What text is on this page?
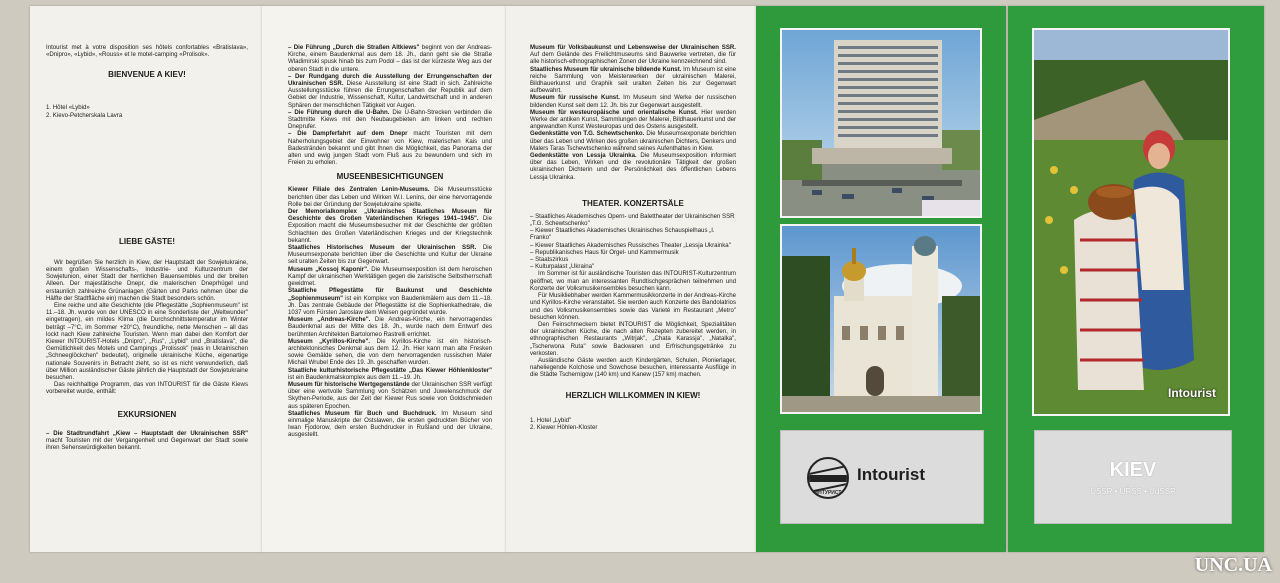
Intourist met à votre disposition ses hôtels confortables «Bratislava», «Dnipro», «Lybid», «Rouss» et le motel-camping «Prolisok».

BIENVENUE A KIEV!

1. Hôtel «Lybid»

2. Kievo-Petcherskala Lavra

LIEBE GÄSTE!

Wir begrüßen Sie herzlich in Kiew, der Hauptstadt der Sowjetukraine, einem großen Wissenschafts-, Industrie- und Kulturzentrum der Sowjetunion, einer Stadt der herrlichen Bauensembles und der breiten Alleen. Der majestätische Dnepr, die malerischen Dneprhügel und erstaunlich zahlreiche Grünanlagen (Gärten und Parks nehmen über die Hälfte der Stadtfläche ein) machen die Stadt besonders schön.

Eine reiche und alte Geschichte (die Pflegestätte „Sophienmuseum" ist 11.–18. Jh. wurde von der UNESCO in eine Sonderliste der „Weltwunder" eingetragen), ein mildes Klima (die Durchschnittstemperatur im Winter beträgt –7°C, im Sommer +20°C), freundliche, nette Menschen – all das lockt nach Kiew zahlreiche Touristen. Wenn man dabei den Komfort der Kiewer INTOURIST-Hotels „Dnipro", „Rus", „Lybid" und „Bratislava", die Gemütlichkeit des Motels und Campings „Prolissok" (was in Ukrainischen „Schneeglöckchen" bedeutet), originelle ukrainische Küche, eigenartige nationale Souvenirs in Betracht zieht, so ist es nicht verwunderlich, daß über Million ausländischer Gäste jährlich die Hauptstadt der Sowjetukraine besuchen.

Das reichhaltige Programm, das von INTOURIST für die Gäste Kiews vorbereitet wurde, enthält:

EXKURSIONEN

– Die Stadtrundfahrt „Kiew – Hauptstadt der Ukrainischen SSR" macht Touristen mit der Vergangenheit und Gegenwart der Stadt sowie ihren Sehenswürdigkeiten bekannt.

– Die Führung „Durch die Straßen Altkiews" beginnt von der Andreas-Kirche, einem Baudenkmal aus dem 18. Jh., dann geht sie die Straße Wladimirski spusk hinab bis zum Podol – das ist der kürzeste Weg aus der oberen Stadt in die untere.

– Der Rundgang durch die Ausstellung der Errungenschaften der Ukrainischen SSR. Diese Ausstellung ist eine Stadt in sich. Zahlreiche Ausstellungsstücke führen die Errungenschaften der Republik auf dem Gebiet der Industrie, Wissenschaft, Kultur, Landwirtschaft und in anderen Sphären der menschlichen Tätigkeit vor Augen.

– Die Führung durch die U-Bahn. Die U-Bahn-Strecken verbinden die Stadtmitte Kiews mit den Neubaugebieten am linken und rechten Dneprufer.

– Die Dampferfahrt auf dem Dnepr macht Touristen mit dem Naherholungsgebiet der Einwohner von Kiew, malerischen Kais und Badestränden bekannt und gibt Ihnen die Möglichkeit, das Panorama der alten und ewig jungen Stadt vom Fluß aus zu bewundern und sich im Freien zu erholen.

MUSEENBESICHTIGUNGEN

Kiewer Filiale des Zentralen Lenin-Museums. Die Museumsstücke berichten über das Leben und Wirken W.I. Lenins, der eine hervorragende Rolle bei der Gründung der Sowjetukraine spielte.

Der Memorialkomplex „Ukrainisches Staatliches Museum für Geschichte des Großen Vaterländischen Krieges 1941–1945". Die Exposition macht die Museumsbesucher mit der Geschichte der größten Schlachten des Großen Vaterländischen Krieges und der Kriegstechnik bekannt.

Staatliches Historisches Museum der Ukrainischen SSR. Die Museumsexponate berichten über die Geschichte und Kultur der Ukraine seit uralten Zeiten bis zur Gegenwart.

Museum „Kossoj Kaponir". Die Museumsexposition ist dem heroischen Kampf der ukrainischen Werktätigen gegen die zaristische Selbstherrschaft gewidmet.

Staatliche Pflegestätte für Baukunst und Geschichte „Sophienmuseum" ist ein Komplex von Baudenkmälern aus dem 11.–18. Jh. Das zentrale Gebäude der Pflegestätte ist die Sophienkathedrale, die 1037 vom Fürsten Jaroslaw dem Weisen gegründet wurde.

Museum „Andreas-Kirche". Die Andreas-Kirche, ein hervorragendes Baudenkmal aus der Mitte des 18. Jh., wurde nach dem Entwurf des berühmten Architekten Bartolomeo Rastrelli errichtet.

Museum „Kyrillos-Kirche". Die Kyrillos-Kirche ist ein historisch-architektonisches Denkmal aus dem 12. Jh. Hier kann man alte Fresken sowie Gemälde sehen, die von dem hervorragenden russischen Maler Michail Wrubel Ende des 19. Jh. geschaffen wurden.

Staatliche kulturhistorische Pflegestätte „Das Kiewer Höhlenkloster" ist ein Baudenkmalskomplex aus dem 11.–19. Jh.

Museum für historische Wertgegenstände der Ukrainischen SSR verfügt über eine wertvolle Sammlung von Schätzen und Juwelenschmuck der Skythen-Periode, aus der Zeit der Kiewer Rus sowie von Goldschmieden aus späteren Epochen.

Staatliches Museum für Buch und Buchdruck. Im Museum sind einmalige Manuskripte der Ostslawen, die ersten gedruckten Bücher von Iwan Fjodorow, dem ersten Buchdrucker in Rußland und der Ukraine, ausgestellt.

Museum für Volksbaukunst und Lebensweise der Ukrainischen SSR. Auf dem Gelände des Freilichtmuseums sind Bauwerke vertreten, die für alle historisch-ethnographischen Zonen der Ukraine kennzeichnend sind.

Staatliches Museum für ukrainische bildende Kunst. Im Museum ist eine reiche Sammlung von Meisterwerken der ukrainischen Malerei, Bildhauerkunst und Graphik seit uralten Zeiten bis zur Gegenwart aufbewahrt.

Museum für russische Kunst. Im Museum sind Werke der russischen bildenden Kunst seit dem 12. Jh. bis zur Gegenwart ausgestellt.

Museum für westeuropäische und orientalische Kunst. Hier werden Werke der antiken Kunst, Sammlungen der Malerei, Bildhauerkunst und der angewandten Kunst Westeuropas und des Ostens ausgestellt.

Gedenkstätte von T.G. Schewtschenko. Die Museumsexponate berichten über das Leben und Wirken des großen ukrainischen Dichters, Denkers und Malers Taras Tschewtschenko während seines Aufenthaltes in Kiew.

Gedenkstätte von Lessja Ukrainka. Die Museumsexposition informiert über das Leben, Wirken und die revolutionäre Tätigkeit der großen ukrainischen Dichterin und der Persönlichkeit des öffentlichen Lebens Lessja Ukrainka.

THEATER. KONZERTSÄLE

– Staatliches Akademisches Opern- und Balettheater der Ukrainischen SSR „T.G. Schewtschenko"

– Kiewer Staatliches Akademisches Ukrainisches Schauspielhaus „I. Franko"

– Kiewer Staatliches Akademisches Russisches Theater „Lessja Ukrainka"

– Republikanisches Haus für Orgel- und Kammermusik

– Staatszirkus

– Kulturpalast „Ukraina"

Im Sommer ist für ausländische Touristen das INTOURIST-Kulturzentrum geöffnet, wo man an interessanten Rundtischgesprächen teilnehmen und Konzerte der Volksmusikensembles besuchen kann.

Für Musikliebhaber werden Kammermusikkonzerte in der Andreas-Kirche und Kyrillos-Kirche veranstaltet. Sie werden auch Konzerte des Bandolatrios und des Volksmusikensembles sowie das Varieté im Restaurant „Metro" besuchen können.

Den Feinschmeckern bietet INTOURIST die Möglichkeit, Spezialitäten der ukrainischen Küche, die nach alten Rezepten zubereitet werden, in ethnographischen Restaurants „Witrjak", „Chata Karassja", „Natalka", „Tscherwona Ruta" sowie Backwaren und Erfrischungsgetränke zu verkosten.

Ausländische Gäste werden auch Kindergärten, Schulen, Pionierlager, naheliegende Kolchose und Sowchose besuchen, interessante Ausflüge in die Städte Tschernigow (140 km) und Kanew (157 km) machen.

HERZLICH WILLKOMMEN IN KIEW!

1. Hotel „Lybid"

2. Kiewer Höhlen-Kloster

ИНТУРИСТ
Intourist
Intourist
KIEV
USSR • URSS • UdSSR
UNC.UA
